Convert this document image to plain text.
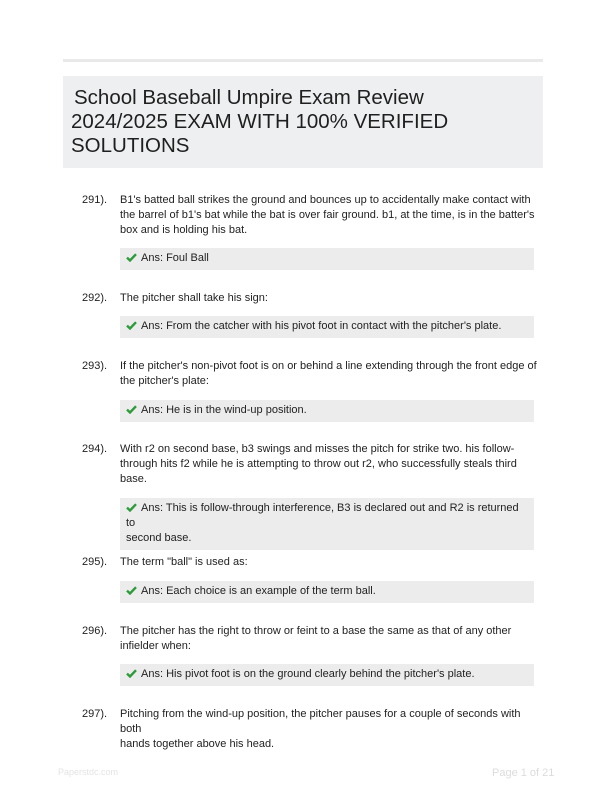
School Baseball Umpire Exam Review
2024/2025 EXAM WITH 100% VERIFIED
SOLUTIONS
291). B1's batted ball strikes the ground and bounces up to accidentally make contact with
the barrel of b1's bat while the bat is over fair ground. b1, at the time, is in the batter's
box and is holding his bat.
Ans: Foul Ball
292). The pitcher shall take his sign:
Ans: From the catcher with his pivot foot in contact with the pitcher's plate.
293). If the pitcher's non-pivot foot is on or behind a line extending through the front edge of
the pitcher's plate:
Ans: He is in the wind-up position.
294). With r2 on second base, b3 swings and misses the pitch for strike two. his follow-
through hits f2 while he is attempting to throw out r2, who successfully steals third
base.
Ans: This is follow-through interference, B3 is declared out and R2 is returned to
second base.
295). The term "ball" is used as:
Ans: Each choice is an example of the term ball.
296). The pitcher has the right to throw or feint to a base the same as that of any other
infielder when:
Ans: His pivot foot is on the ground clearly behind the pitcher's plate.
297). Pitching from the wind-up position, the pitcher pauses for a couple of seconds with both
hands together above his head.
Paperstdc.com	Page 1 of 21
